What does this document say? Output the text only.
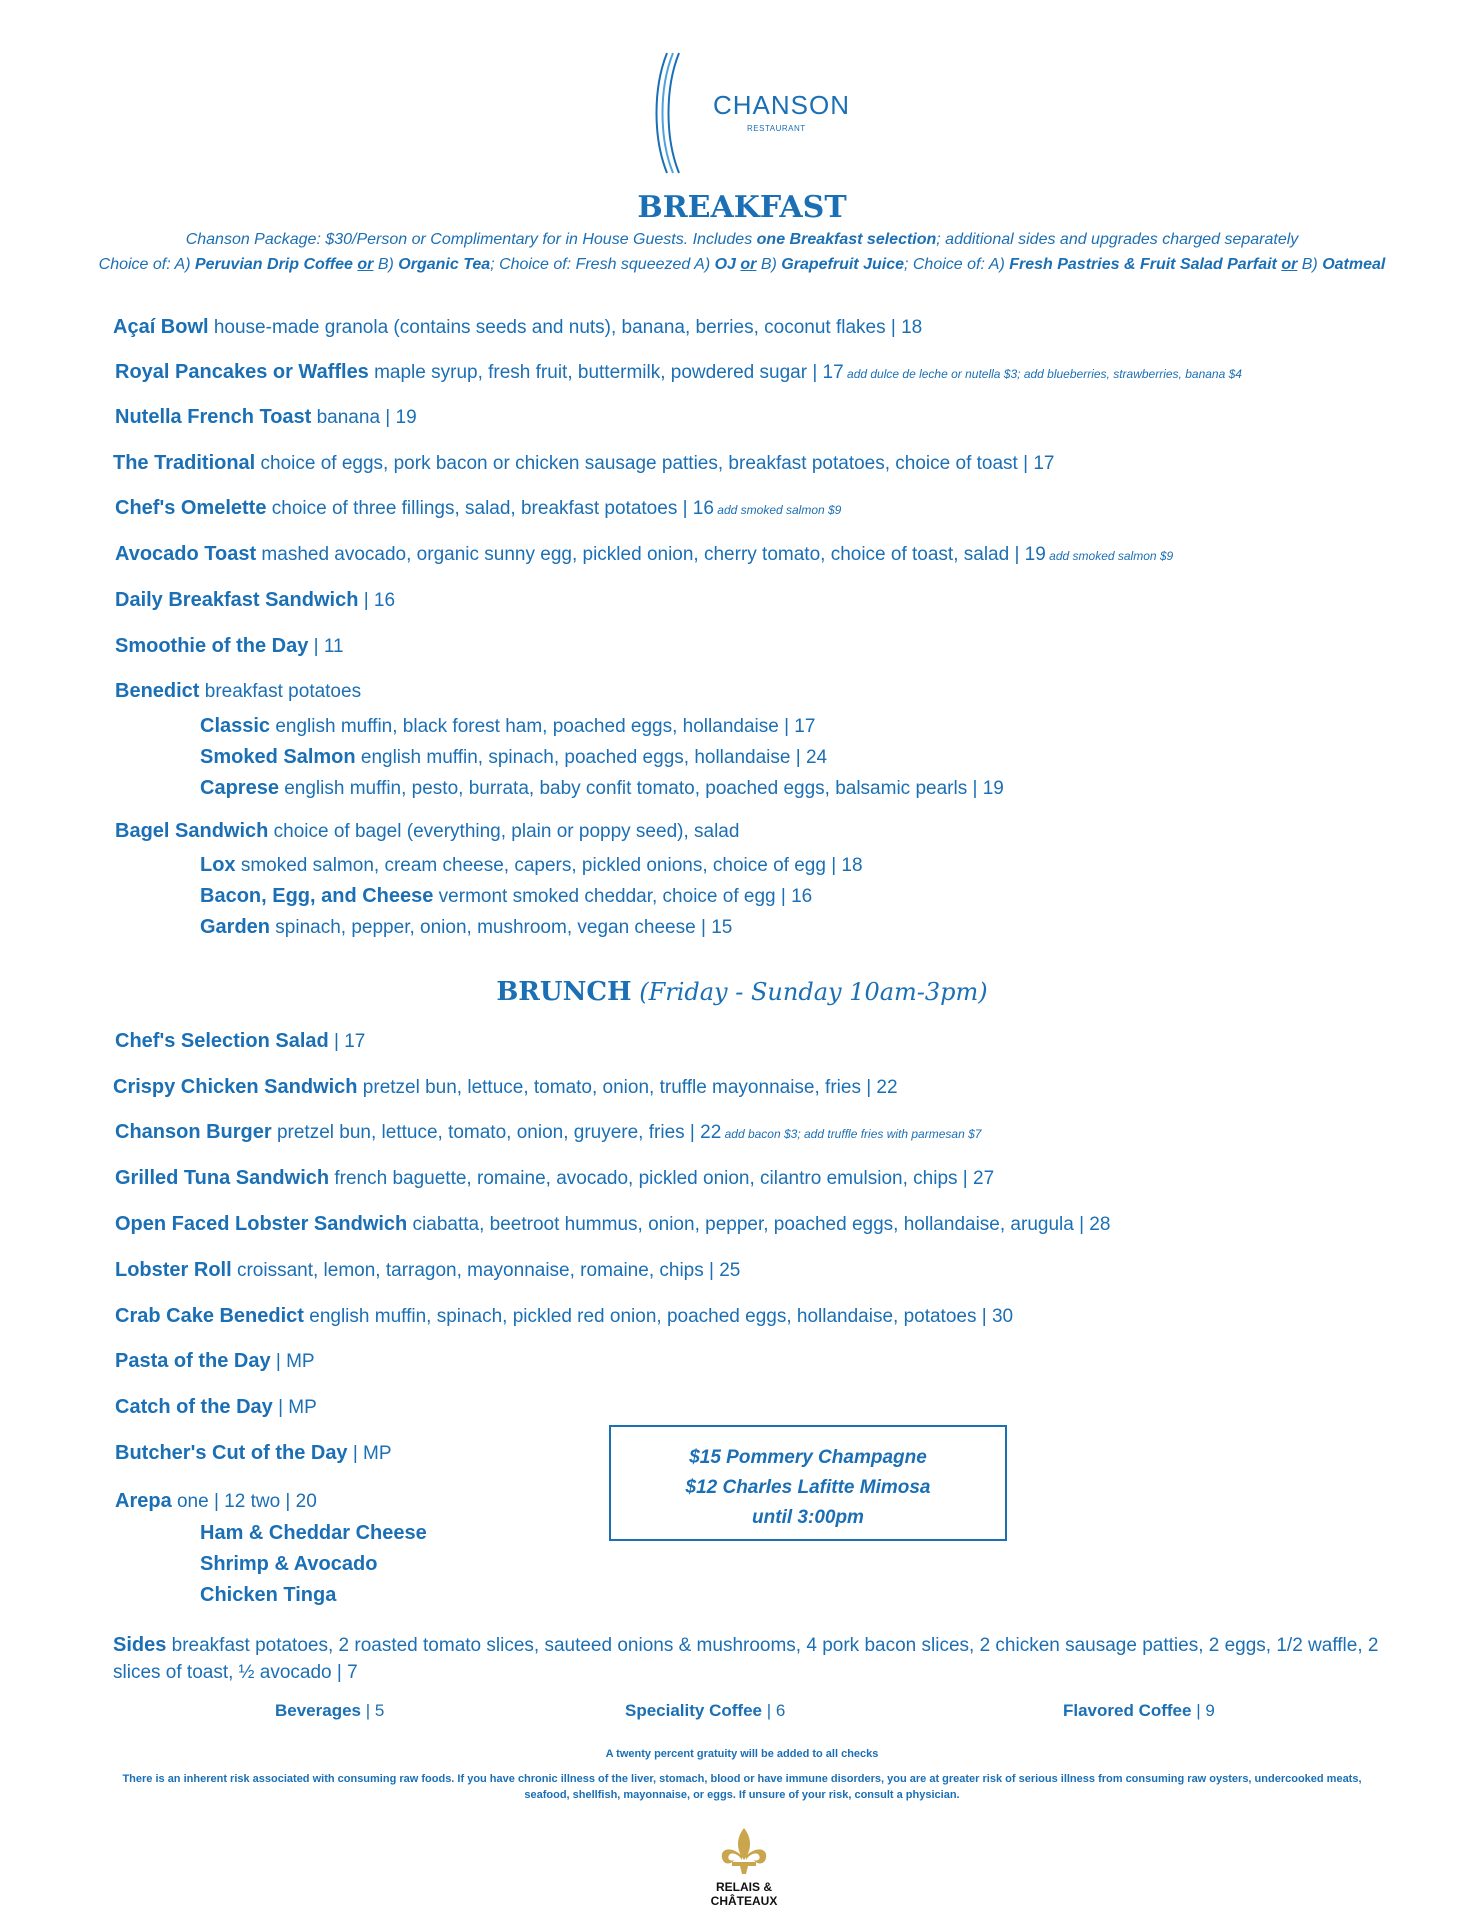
CHANSON
RESTAURANT
BREAKFAST
Chanson Package: $30/Person or Complimentary for in House Guests. Includes one Breakfast selection; additional sides and upgrades charged separately
Choice of: A) Peruvian Drip Coffee or B) Organic Tea; Choice of: Fresh squeezed A) OJ or B) Grapefruit Juice; Choice of: A) Fresh Pastries & Fruit Salad Parfait or B) Oatmeal
Açaí Bowl house-made granola (contains seeds and nuts), banana, berries, coconut flakes | 18
Royal Pancakes or Waffles maple syrup, fresh fruit, buttermilk, powdered sugar | 17 add dulce de leche or nutella $3; add blueberries, strawberries, banana $4
Nutella French Toast banana | 19
The Traditional choice of eggs, pork bacon or chicken sausage patties, breakfast potatoes, choice of toast | 17
Chef's Omelette choice of three fillings, salad, breakfast potatoes | 16 add smoked salmon $9
Avocado Toast mashed avocado, organic sunny egg, pickled onion, cherry tomato, choice of toast, salad | 19 add smoked salmon $9
Daily Breakfast Sandwich | 16
Smoothie of the Day | 11
Benedict breakfast potatoes
Classic english muffin, black forest ham, poached eggs, hollandaise | 17
Smoked Salmon english muffin, spinach, poached eggs, hollandaise | 24
Caprese english muffin, pesto, burrata, baby confit tomato, poached eggs, balsamic pearls | 19
Bagel Sandwich choice of bagel (everything, plain or poppy seed), salad
Lox smoked salmon, cream cheese, capers, pickled onions, choice of egg | 18
Bacon, Egg, and Cheese vermont smoked cheddar, choice of egg | 16
Garden spinach, pepper, onion, mushroom, vegan cheese | 15
BRUNCH (Friday - Sunday 10am-3pm)
Chef's Selection Salad | 17
Crispy Chicken Sandwich pretzel bun, lettuce, tomato, onion, truffle mayonnaise, fries | 22
Chanson Burger pretzel bun, lettuce, tomato, onion, gruyere, fries | 22 add bacon $3; add truffle fries with parmesan $7
Grilled Tuna Sandwich french baguette, romaine, avocado, pickled onion, cilantro emulsion, chips | 27
Open Faced Lobster Sandwich ciabatta, beetroot hummus, onion, pepper, poached eggs, hollandaise, arugula | 28
Lobster Roll croissant, lemon, tarragon, mayonnaise, romaine, chips | 25
Crab Cake Benedict english muffin, spinach, pickled red onion, poached eggs, hollandaise, potatoes | 30
Pasta of the Day | MP
Catch of the Day | MP
Butcher's Cut of the Day | MP
Arepa one | 12 two | 20
Ham & Cheddar Cheese
Shrimp & Avocado
Chicken Tinga
$15 Pommery Champagne
$12 Charles Lafitte Mimosa
until 3:00pm
Sides breakfast potatoes, 2 roasted tomato slices, sauteed onions & mushrooms, 4 pork bacon slices, 2 chicken sausage patties, 2 eggs, 1/2 waffle, 2
slices of toast, ½ avocado | 7
Beverages | 5	Speciality Coffee | 6	Flavored Coffee | 9
A twenty percent gratuity will be added to all checks
There is an inherent risk associated with consuming raw foods. If you have chronic illness of the liver, stomach, blood or have immune disorders, you are at greater risk of serious illness from consuming raw oysters, undercooked meats, seafood, shellfish, mayonnaise, or eggs. If unsure of your risk, consult a physician.
RELAIS &
CHÂTEAUX
